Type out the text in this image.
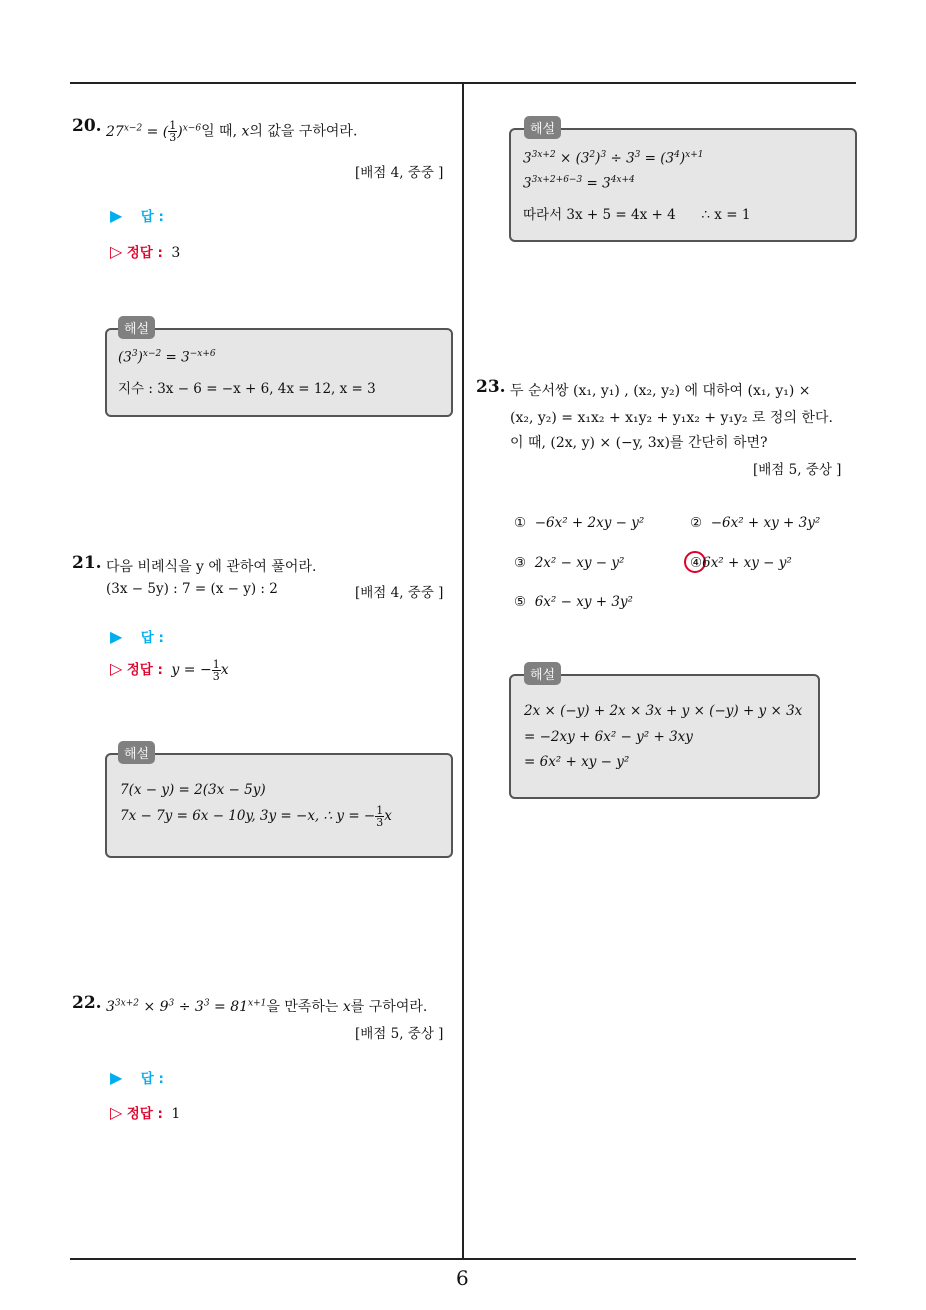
6
20. $27^{x-2}$ = ( $\frac{1}{3} )^{x-6}$일 때, x의 값을 구하여라.
[배점 4, 중중 ]
▶ 답 :
▷ 정답 : 3
해설
$(3^3)^{x-2} = 3^{-x+6}$
지수 : 3x − 6 = −x + 6, 4x = 12, x = 3
21. 다음 비례식을 y 에 관하여 풀어라.
(3x − 5y) : 7 = (x − y) : 2	[배점 4, 중중 ]
▶ 답 :
▷ 정답 : y = − $\frac{1}{3}$ x
해설
7(x − y) = 2(3x − 5y)
7x − 7y = 6x − 10y, 3y = −x, ∴ y = − $\frac{1}{3}$ x
22. $3^{3x+2} \times 9^3 \div 3^3 = 81^{x+1}$을 만족하는 x를 구하여라.
[배점 5, 중상 ]
▶ 답 :
▷ 정답 : 1
해설
$3^{3x+2} \times (3^2)^3 \div 3^3 = (3^4)^{x+1}$
$3^{3x+2+6-3} = 3^{4x+4}$
따라서 3x + 5 = 4x + 4      ∴ x = 1
23. 두 순서쌍 (x₁, y₁) , (x₂, y₂) 에 대하여 (x₁, y₁) ×
(x₂, y₂) = x₁x₂ + x₁y₂ + y₁x₂ + y₁y₂ 로 정의 한다.
이 때, (2x, y) × (−y, 3x)를 간단히 하면?
[배점 5, 중상 ]
① −6x² + 2xy − y²	② −6x² + xy + 3y²
③ 2x² − xy − y²	④6x² + xy − y²
⑤ 6x² − xy + 3y²
해설
2x × (−y) + 2x × 3x + y × (−y) + y × 3x
= −2xy + 6x² − y² + 3xy
= 6x² + xy − y²
